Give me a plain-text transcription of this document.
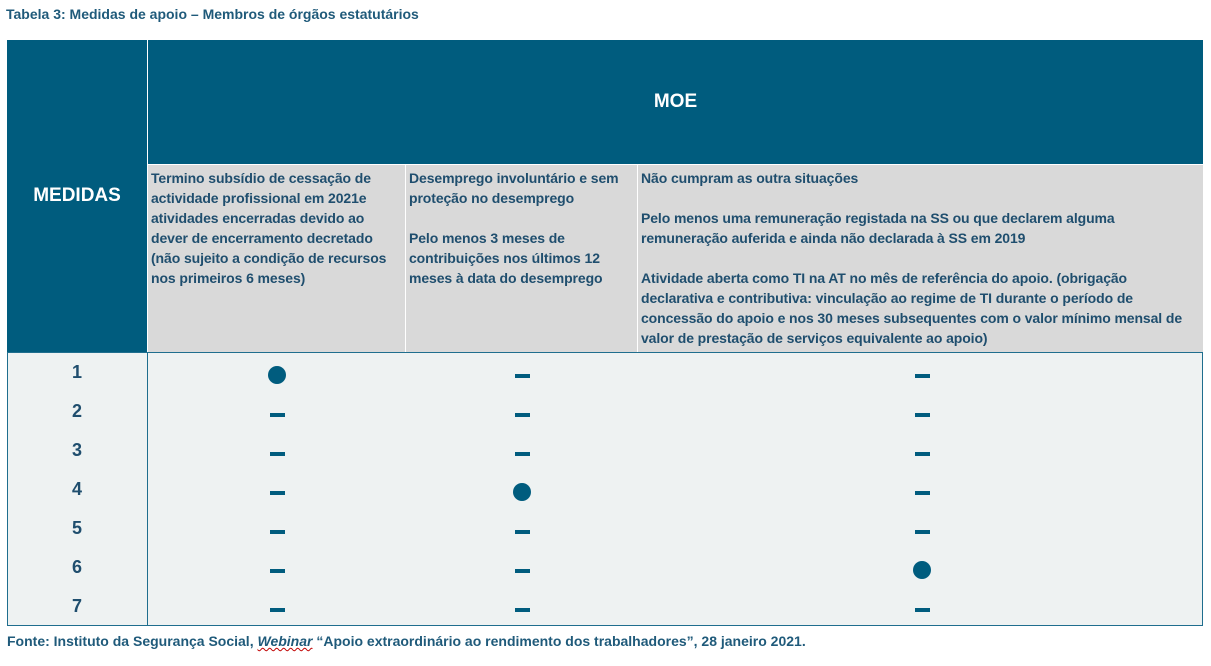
Tabela 3: Medidas de apoio – Membros de órgãos estatutários
MEDIDAS
MOE

Termino subsídio de cessação de actividade profissional em 2021e atividades encerradas devido ao dever de encerramento decretado (não sujeito a condição de recursos nos primeiros 6 meses)

Desemprego involuntário e sem proteção no desemprego

Pelo menos 3 meses de contribuições nos últimos 12 meses à data do desemprego

Não cumpram as outra situações

Pelo menos uma remuneração registada na SS ou que declarem alguma remuneração auferida e ainda não declarada à SS em 2019

Atividade aberta como TI na AT no mês de referência do apoio. (obrigação declarativa e contributiva: vinculação ao regime de TI durante o período de concessão do apoio e nos 30 meses subsequentes com o valor mínimo mensal de valor de prestação de serviços equivalente ao apoio)

1
2
3
4
5
6
7
Fonte: Instituto da Segurança Social, Webinar “Apoio extraordinário ao rendimento dos trabalhadores”, 28 janeiro 2021.
